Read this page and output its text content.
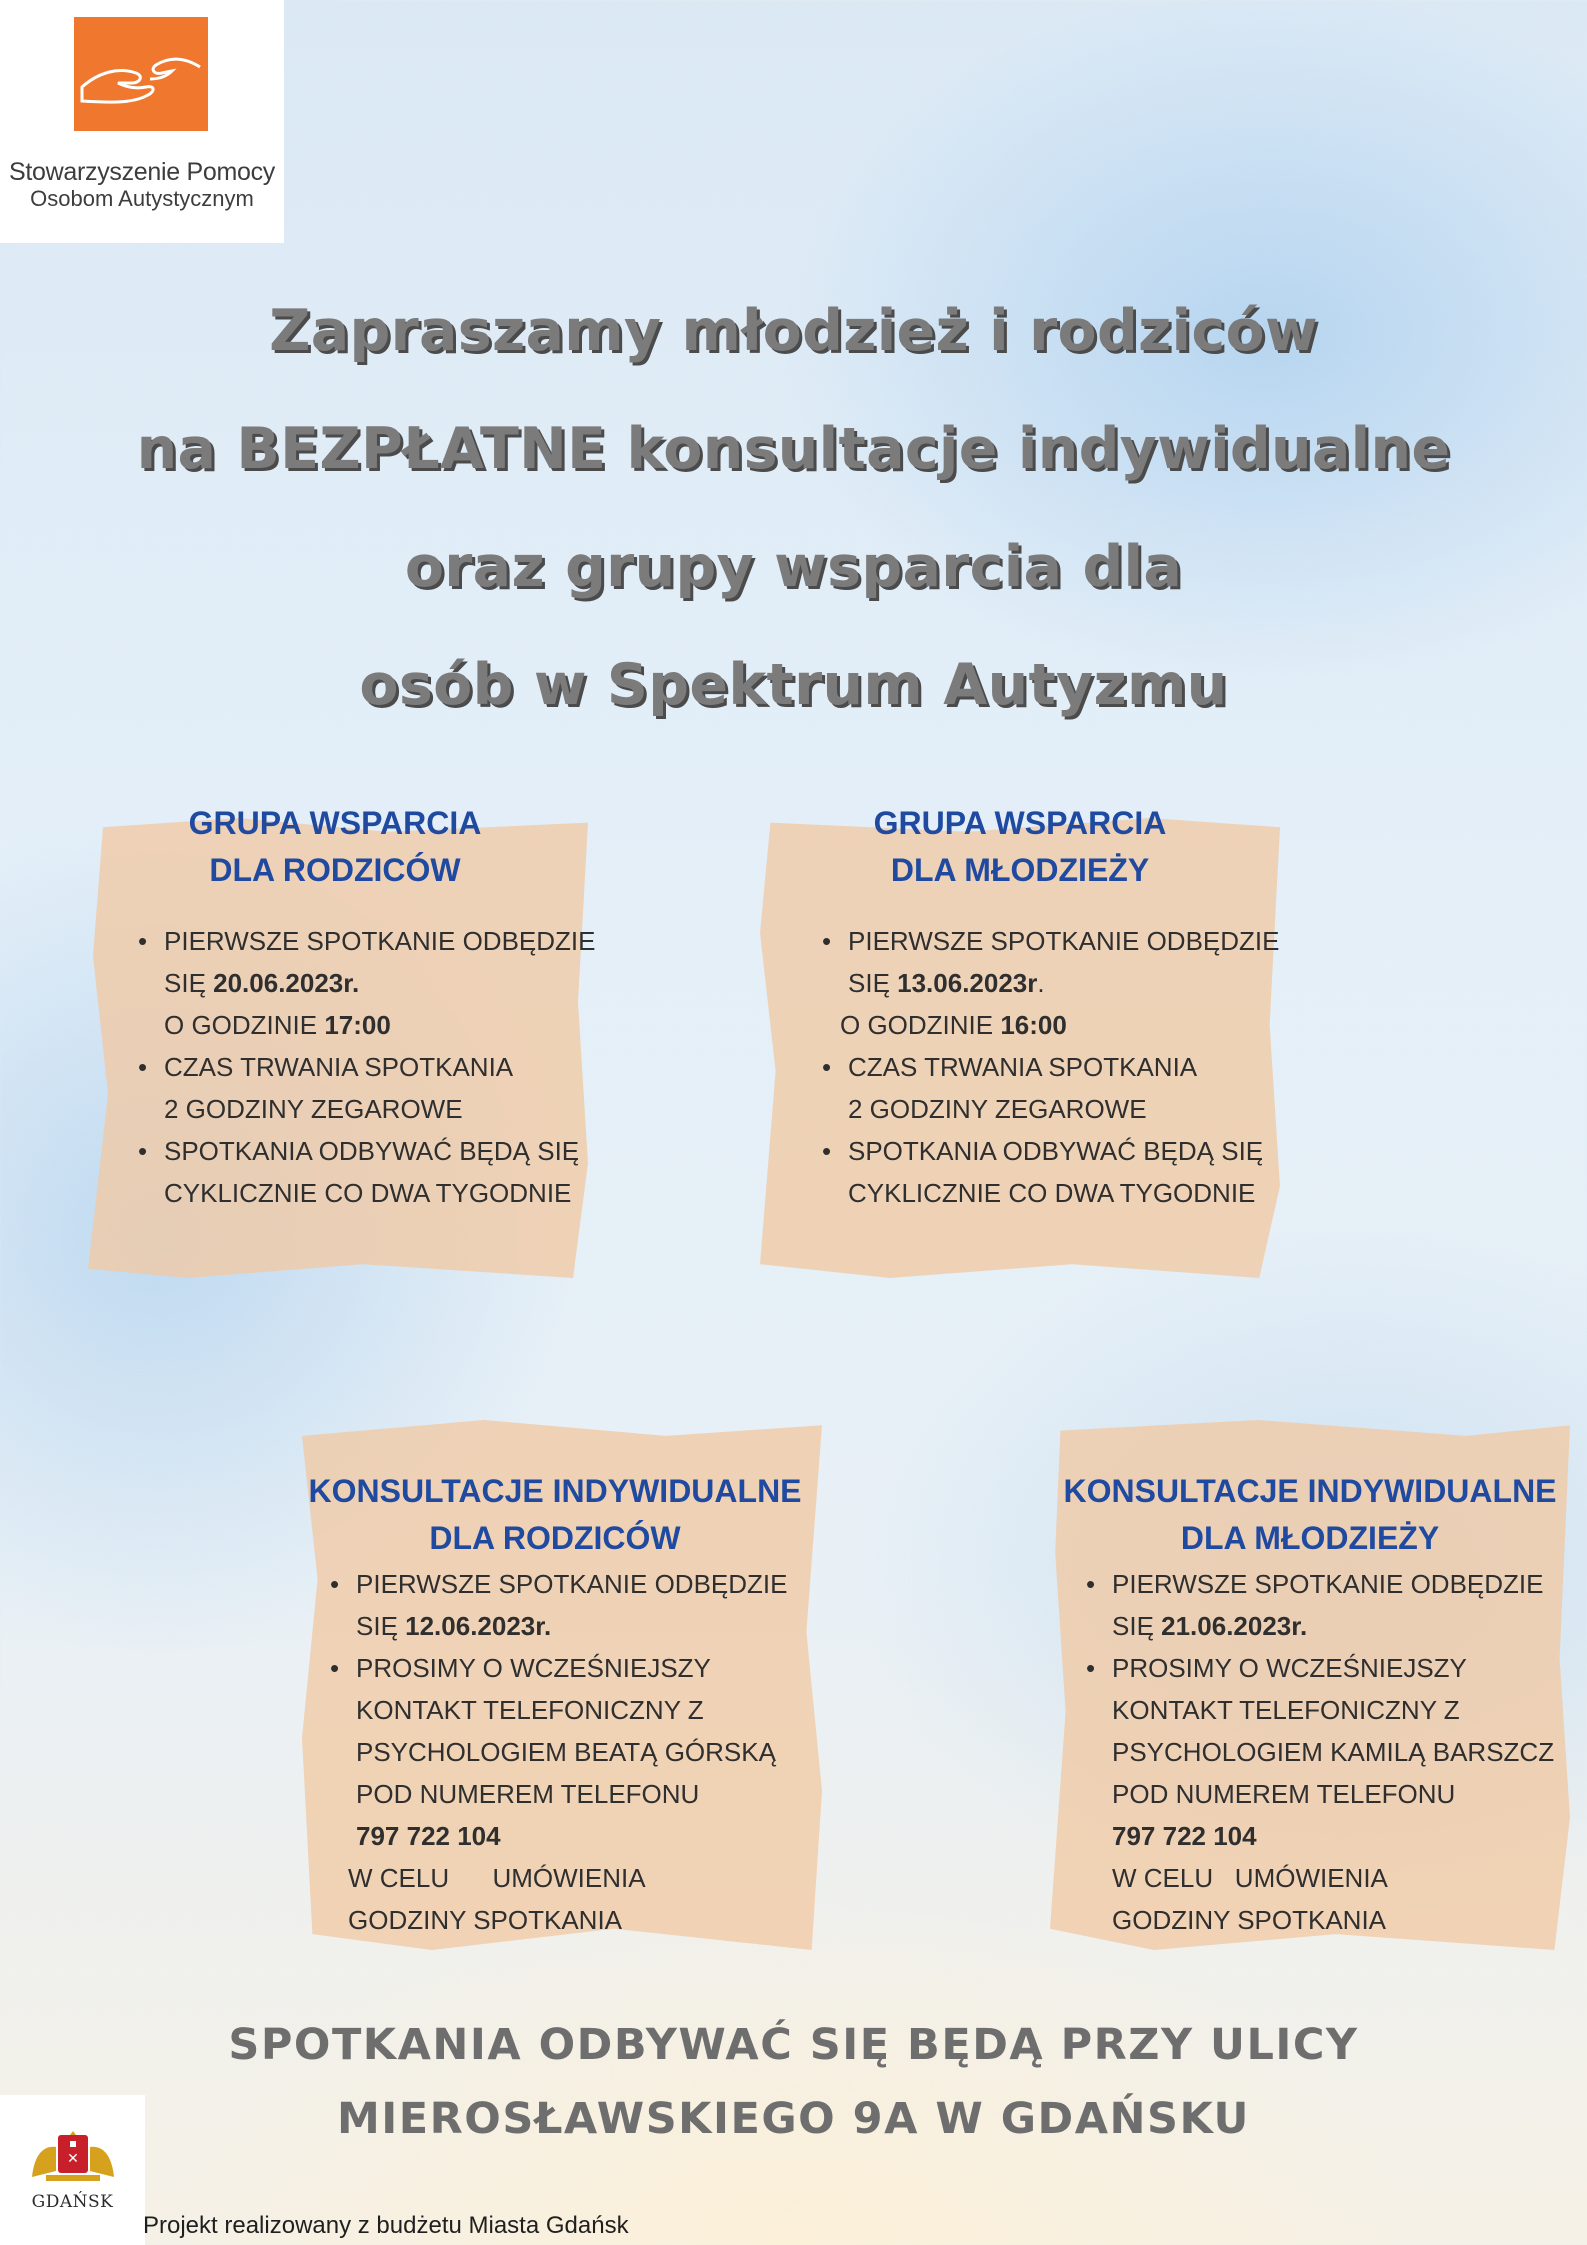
Stowarzyszenie Pomocy
Osobom Autystycznym
Zapraszamy młodzież i rodziców
na BEZPŁATNE konsultacje indywidualne
oraz grupy wsparcia dla
osób w Spektrum Autyzmu
GRUPA WSPARCIA
DLA RODZICÓW
• PIERWSZE SPOTKANIE ODBĘDZIE
SIĘ 20.06.2023r.
O GODZINIE 17:00
• CZAS TRWANIA SPOTKANIA
2 GODZINY ZEGAROWE
• SPOTKANIA ODBYWAĆ BĘDĄ SIĘ
CYKLICZNIE CO DWA TYGODNIE
GRUPA WSPARCIA
DLA MŁODZIEŻY
• PIERWSZE SPOTKANIE ODBĘDZIE
SIĘ 13.06.2023r.
O GODZINIE 16:00
• CZAS TRWANIA SPOTKANIA
2 GODZINY ZEGAROWE
• SPOTKANIA ODBYWAĆ BĘDĄ SIĘ
CYKLICZNIE CO DWA TYGODNIE
KONSULTACJE INDYWIDUALNE
DLA RODZICÓW
• PIERWSZE SPOTKANIE ODBĘDZIE
SIĘ 12.06.2023r.
• PROSIMY O WCZEŚNIEJSZY
KONTAKT TELEFONICZNY Z
PSYCHOLOGIEM BEATĄ GÓRSKĄ
POD NUMEREM TELEFONU
797 722 104
W CELU      UMÓWIENIA
GODZINY SPOTKANIA
KONSULTACJE INDYWIDUALNE
DLA MŁODZIEŻY
• PIERWSZE SPOTKANIE ODBĘDZIE
SIĘ 21.06.2023r.
• PROSIMY O WCZEŚNIEJSZY
KONTAKT TELEFONICZNY Z
PSYCHOLOGIEM KAMILĄ BARSZCZ
POD NUMEREM TELEFONU
797 722 104
W CELU   UMÓWIENIA
GODZINY SPOTKANIA
SPOTKANIA ODBYWAĆ SIĘ BĘDĄ PRZY ULICY
MIEROSŁAWSKIEGO 9A W GDAŃSKU
✕
GDAŃSK
Projekt realizowany z budżetu Miasta Gdańsk
